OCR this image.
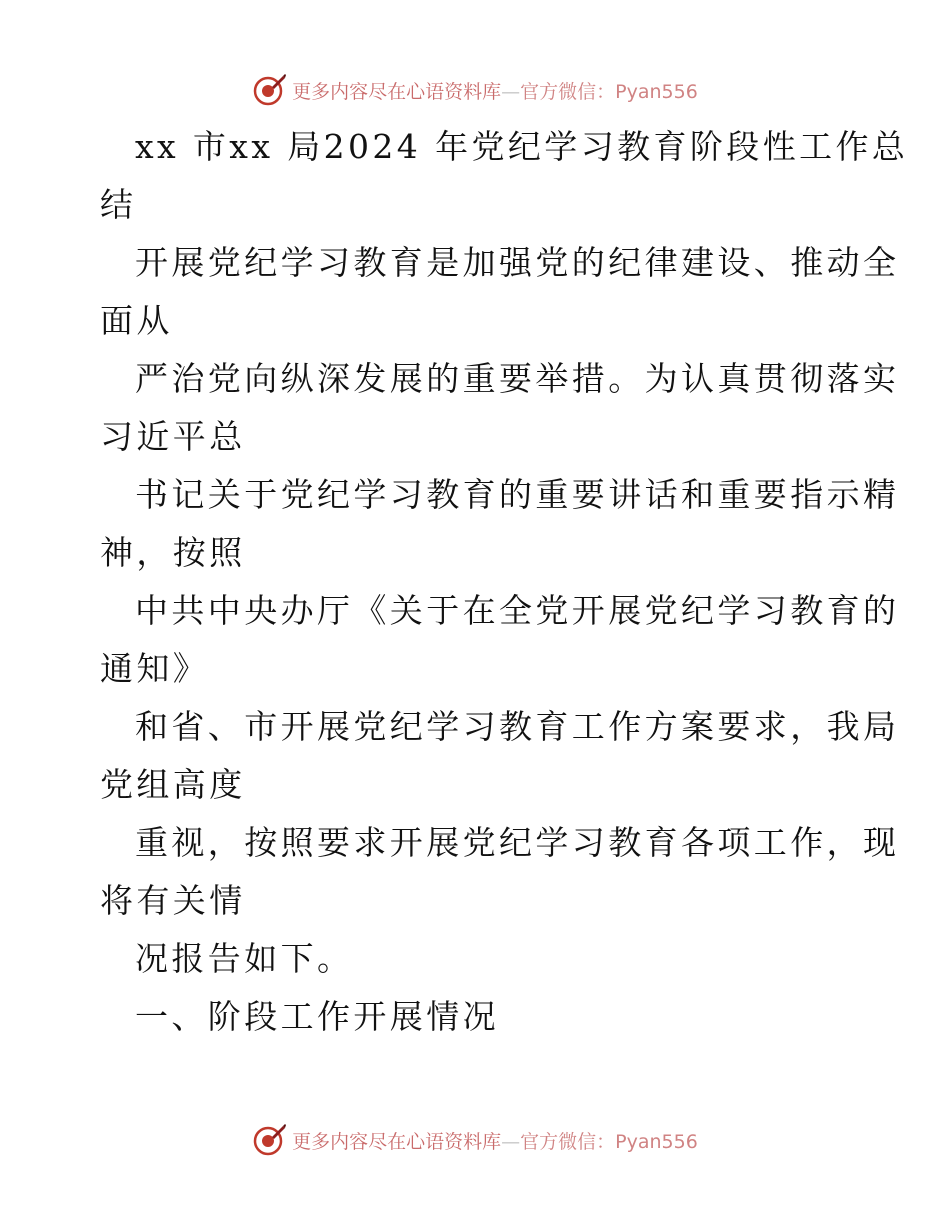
更多内容尽在心语资料库—官方微信：Pyan556

xx 市xx 局2024 年党纪学习教育阶段性工作总
结

开展党纪学习教育是加强党的纪律建设、推动全
面从

严治党向纵深发展的重要举措。为认真贯彻落实
习近平总

书记关于党纪学习教育的重要讲话和重要指示精
神，按照

中共中央办厅《关于在全党开展党纪学习教育的
通知》

和省、市开展党纪学习教育工作方案要求，我局
党组高度

重视，按照要求开展党纪学习教育各项工作，现
将有关情

况报告如下。

一、阶段工作开展情况

更多内容尽在心语资料库—官方微信：Pyan556
